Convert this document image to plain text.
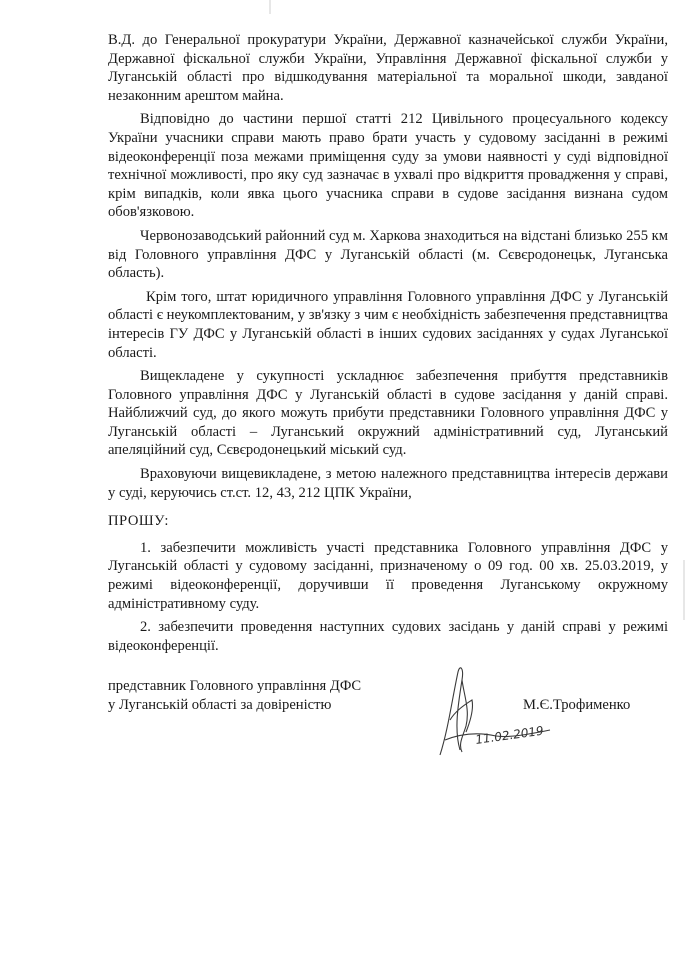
В.Д. до Генеральної прокуратури України, Державної казначейської служби України, Державної фіскальної служби України, Управління Державної фіскальної служби у Луганській області про відшкодування матеріальної та моральної шкоди, завданої незаконним арештом майна.

Відповідно до частини першої статті 212 Цивільного процесуального кодексу України учасники справи мають право брати участь у судовому засіданні в режимі відеоконференції поза межами приміщення суду за умови наявності у суді відповідної технічної можливості, про яку суд зазначає в ухвалі про відкриття провадження у справі, крім випадків, коли явка цього учасника справи в судове засідання визнана судом обов'язковою.

Червонозаводський районний суд м. Харкова знаходиться на відстані близько 255 км від Головного управління ДФС у Луганській області (м. Сєвєродонецьк, Луганська область).

Крім того, штат юридичного управління Головного управління ДФС у Луганській області є неукомплектованим, у зв'язку з чим є необхідність забезпечення представництва інтересів ГУ ДФС у Луганській області в інших судових засіданнях у судах Луганської області.

Вищекладене у сукупності ускладнює забезпечення прибуття представників Головного управління ДФС у Луганській області в судове засідання у даній справі. Найближчий суд, до якого можуть прибути представники Головного управління ДФС у Луганській області – Луганський окружний адміністративний суд, Луганський апеляційний суд, Сєвєродонецький міський суд.

Враховуючи вищевикладене, з метою належного представництва інтересів держави у суді, керуючись ст.ст. 12, 43, 212 ЦПК України,

ПРОШУ:

1. забезпечити можливість участі представника Головного управління ДФС у Луганській області у судовому засіданні, призначеному о 09 год. 00 хв. 25.03.2019, у режимі відеоконференції, доручивши її проведення Луганському окружному адміністративному суду.

2. забезпечити проведення наступних судових засідань у даній справі у режимі відеоконференції.

представник Головного управління ДФС
у Луганській області за довіреністю
11.02.2019
М.Є.Трофименко
